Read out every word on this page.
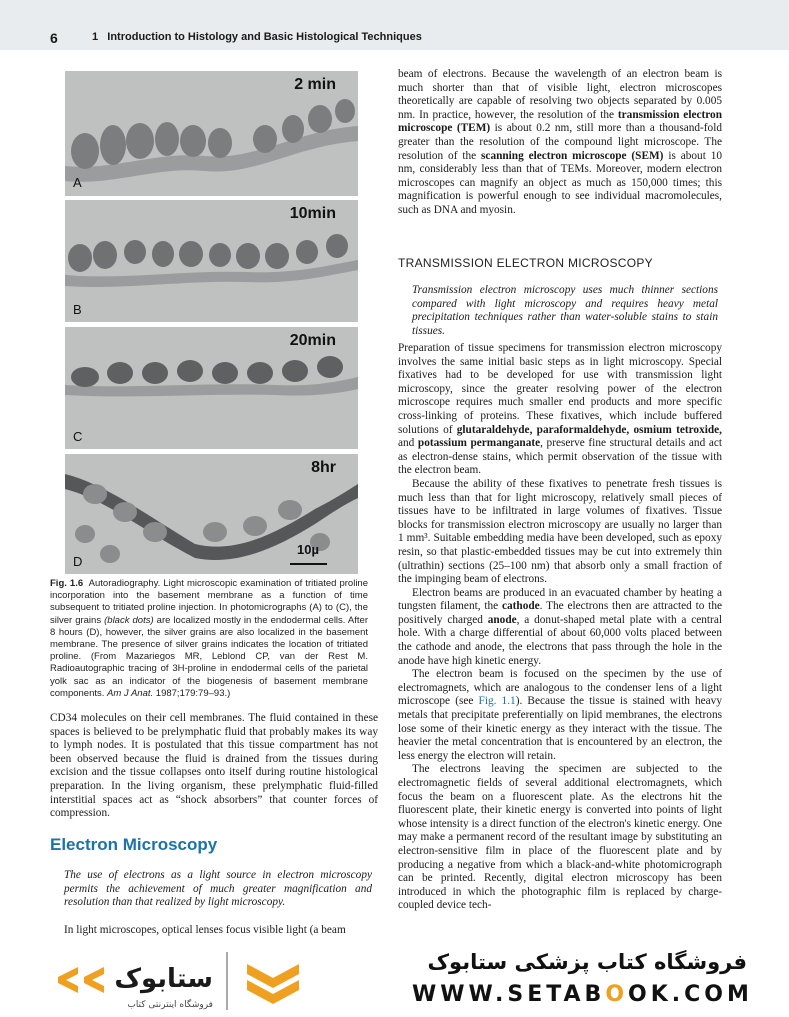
6	1   Introduction to Histology and Basic Histological Techniques
2 min
A
10min
B
20min
C
8hr
D
10µ
Fig. 1.6 Autoradiography. Light microscopic examination of tritiated proline incorporation into the basement membrane as a function of time subsequent to tritiated proline injection. In photomicrographs (A) to (C), the silver grains (black dots) are localized mostly in the endodermal cells. After 8 hours (D), however, the silver grains are also localized in the basement membrane. The presence of silver grains indicates the location of tritiated proline. (From Mazariegos MR, Leblond CP, van der Rest M. Radioautographic tracing of 3H-proline in endodermal cells of the parietal yolk sac as an indicator of the biogenesis of basement membrane components. Am J Anat. 1987;179:79–93.)

CD34 molecules on their cell membranes. The fluid contained in these spaces is believed to be prelymphatic fluid that probably makes its way to lymph nodes. It is postulated that this tissue compartment has not been observed because the fluid is drained from the tissues during excision and the tissue collapses onto itself during routine histological preparation. In the living organism, these prelymphatic fluid-filled interstitial spaces act as “shock absorbers” that counter forces of compression.

Electron Microscopy

The use of electrons as a light source in electron microscopy permits the achievement of much greater magnification and resolution than that realized by light microscopy.

In light microscopes, optical lenses focus visible light (a beam

beam of electrons. Because the wavelength of an electron beam is much shorter than that of visible light, electron microscopes theoretically are capable of resolving two objects separated by 0.005 nm. In practice, however, the resolution of the transmission electron microscope (TEM) is about 0.2 nm, still more than a thousand-fold greater than the resolution of the compound light microscope. The resolution of the scanning electron microscope (SEM) is about 10 nm, considerably less than that of TEMs. Moreover, modern electron microscopes can magnify an object as much as 150,000 times; this magnification is powerful enough to see individual macromolecules, such as DNA and myosin.

TRANSMISSION ELECTRON MICROSCOPY

Transmission electron microscopy uses much thinner sections compared with light microscopy and requires heavy metal precipitation techniques rather than water-soluble stains to stain tissues.

Preparation of tissue specimens for transmission electron microscopy involves the same initial basic steps as in light microscopy. Special fixatives had to be developed for use with transmission light microscopy, since the greater resolving power of the electron microscope requires much smaller end products and more specific cross-linking of proteins. These fixatives, which include buffered solutions of glutaraldehyde, paraformaldehyde, osmium tetroxide, and potassium permanganate, preserve fine structural details and act as electron-dense stains, which permit observation of the tissue with the electron beam.

Because the ability of these fixatives to penetrate fresh tissues is much less than that for light microscopy, relatively small pieces of tissues have to be infiltrated in large volumes of fixatives. Tissue blocks for transmission electron microscopy are usually no larger than 1 mm³. Suitable embedding media have been developed, such as epoxy resin, so that plastic-embedded tissues may be cut into extremely thin (ultrathin) sections (25–100 nm) that absorb only a small fraction of the impinging beam of electrons.

Electron beams are produced in an evacuated chamber by heating a tungsten filament, the cathode. The electrons then are attracted to the positively charged anode, a donut-shaped metal plate with a central hole. With a charge differential of about 60,000 volts placed between the cathode and anode, the electrons that pass through the hole in the anode have high kinetic energy.

The electron beam is focused on the specimen by the use of electromagnets, which are analogous to the condenser lens of a light microscope (see Fig. 1.1). Because the tissue is stained with heavy metals that precipitate preferentially on lipid membranes, the electrons lose some of their kinetic energy as they interact with the tissue. The heavier the metal concentration that is encountered by an electron, the less energy the electron will retain.

The electrons leaving the specimen are subjected to the electromagnetic fields of several additional electromagnets, which focus the beam on a fluorescent plate. As the electrons hit the fluorescent plate, their kinetic energy is converted into points of light whose intensity is a direct function of the electron's kinetic energy. One may make a permanent record of the resultant image by substituting an electron-sensitive film in place of the fluorescent plate and by producing a negative from which a black-and-white photomicrograph can be printed. Recently, digital electron microscopy has been introduced in which the photographic film is replaced by charge-coupled device tech-

ستابوک
فروشگاه اینترنتی کتاب
فروشگاه کتاب پزشکی ستابوک
WWW.SETABOOK.COM
